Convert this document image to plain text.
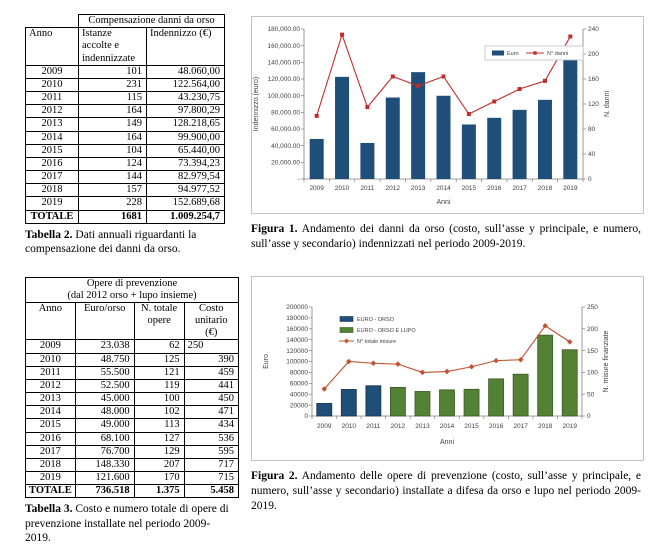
	Compensazione danni da orso	
Anno	Istanze accolte e indennizzate	Indennizzo (€)
2009	101	48.060,00
2010	231	122.564,00
2011	115	43.230,75
2012	164	97.800,29
2013	149	128.218,65
2014	164	99.900,00
2015	104	65.440,00
2016	124	73.394,23
2017	144	82.979,54
2018	157	94.977,52
2019	228	152.689,68
TOTALE	1681	1.009.254,7

Tabella 2. Dati annuali riguardanti la compensazione dei danni da orso.

Opere di prevenzione
(dal 2012 orso + lupo insieme)			
Anno	Euro/orso	N. totale opere	Costo unitario (€)
2009	23.038	62	250
2010	48.750	125	390
2011	55.500	121	459
2012	52.500	119	441
2013	45.000	100	450
2014	48.000	102	471
2015	49.000	113	434
2016	68.100	127	536
2017	76.700	129	595
2018	148.330	207	717
2019	121.600	170	715
TOTALE	736.518	1.375	5.458

Tabella 3. Costo e numero totale di opere di prevenzione installate nel periodo 2009-2019.

-
20,000.00
40,000.00
60,000.00
80,000.00
100,000.00
120,000.00
140,000.00
160,000.00
180,000.00
0
40
80
120
160
200
240
2009 2010 2011 2012 2013 2014 2015 2016 2017 2018 2019
Anni
Indennizzo (euro)	N. danni
Euro	N° danni

Figura 1. Andamento dei danni da orso (costo, sull’asse y principale, e numero, sull’asse y secondario) indennizzati nel periodo 2009-2019.

0
20000
40000
60000
80000
100000
120000
140000
160000
180000
200000
0
50
100
150
200
250
2009 2010 2011 2012 2013 2014 2015 2016 2017 2018 2019
Anni
Euro	N. misure finanziate
EURO - ORSO
EURO - ORSO E LUPO
N° totale misure

Figura 2. Andamento delle opere di prevenzione (costo, sull’asse y principale, e numero, sull’asse y secondario) installate a difesa da orso e lupo nel periodo 2009-2019.
